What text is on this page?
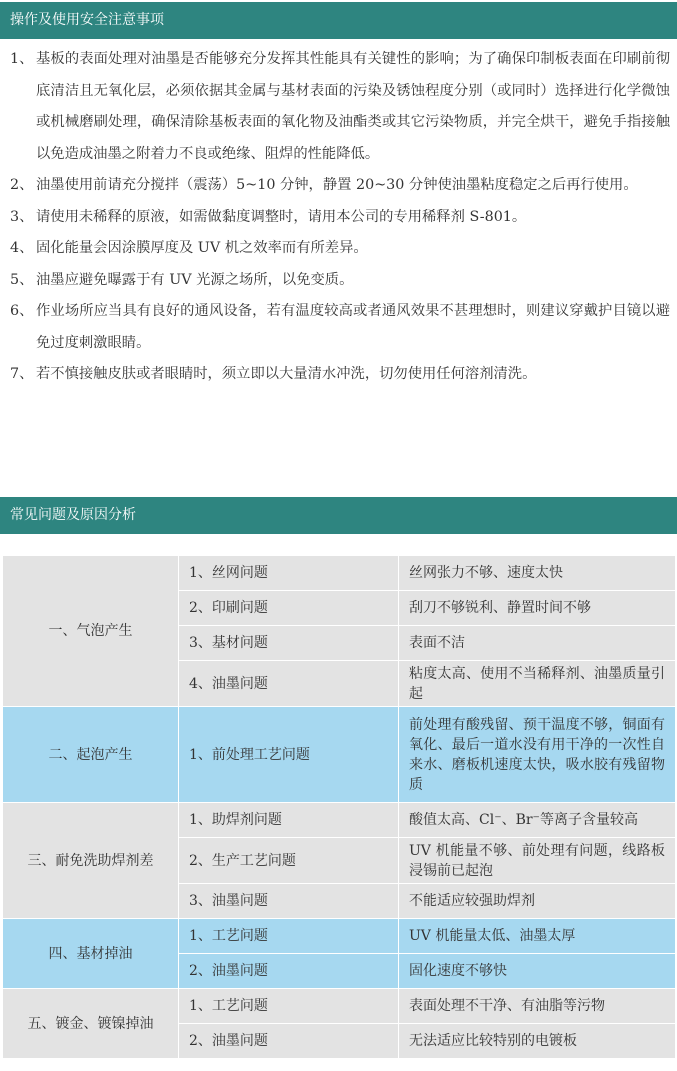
操作及使用安全注意事项
1、 基板的表面处理对油墨是否能够充分发挥其性能具有关键性的影响；为了确保印制板表面在印刷前彻底清洁且无氧化层，必须依据其金属与基材表面的污染及锈蚀程度分别（或同时）选择进行化学微蚀或机械磨刷处理，确保清除基板表面的氧化物及油酯类或其它污染物质，并完全烘干，避免手指接触以免造成油墨之附着力不良或绝缘、阻焊的性能降低。
2、 油墨使用前请充分搅拌（震荡）5~10 分钟，静置 20~30 分钟使油墨粘度稳定之后再行使用。
3、 请使用未稀释的原液，如需做黏度调整时，请用本公司的专用稀释剂 S-801。
4、 固化能量会因涂膜厚度及 UV 机之效率而有所差异。
5、 油墨应避免曝露于有 UV 光源之场所，以免变质。
6、 作业场所应当具有良好的通风设备，若有温度较高或者通风效果不甚理想时，则建议穿戴护目镜以避免过度刺激眼睛。
7、 若不慎接触皮肤或者眼睛时，须立即以大量清水冲洗，切勿使用任何溶剂清洗。
常见问题及原因分析
一、气泡产生	1、丝网问题	丝网张力不够、速度太快
	2、印刷问题	刮刀不够锐利、静置时间不够
	3、基材问题	表面不洁
	4、油墨问题	粘度太高、使用不当稀释剂、油墨质量引起
二、起泡产生	1、前处理工艺问题	前处理有酸残留、预干温度不够，铜面有氧化、最后一道水没有用干净的一次性自来水、磨板机速度太快，吸水胶有残留物质
三、耐免洗助焊剂差	1、助焊剂问题	酸值太高、Cl⁻、Br⁻等离子含量较高
	2、生产工艺问题	UV 机能量不够、前处理有问题，线路板浸锡前已起泡
	3、油墨问题	不能适应较强助焊剂
四、基材掉油	1、工艺问题	UV 机能量太低、油墨太厚
	2、油墨问题	固化速度不够快
五、镀金、镀镍掉油	1、工艺问题	表面处理不干净、有油脂等污物
	2、油墨问题	无法适应比较特别的电镀板
